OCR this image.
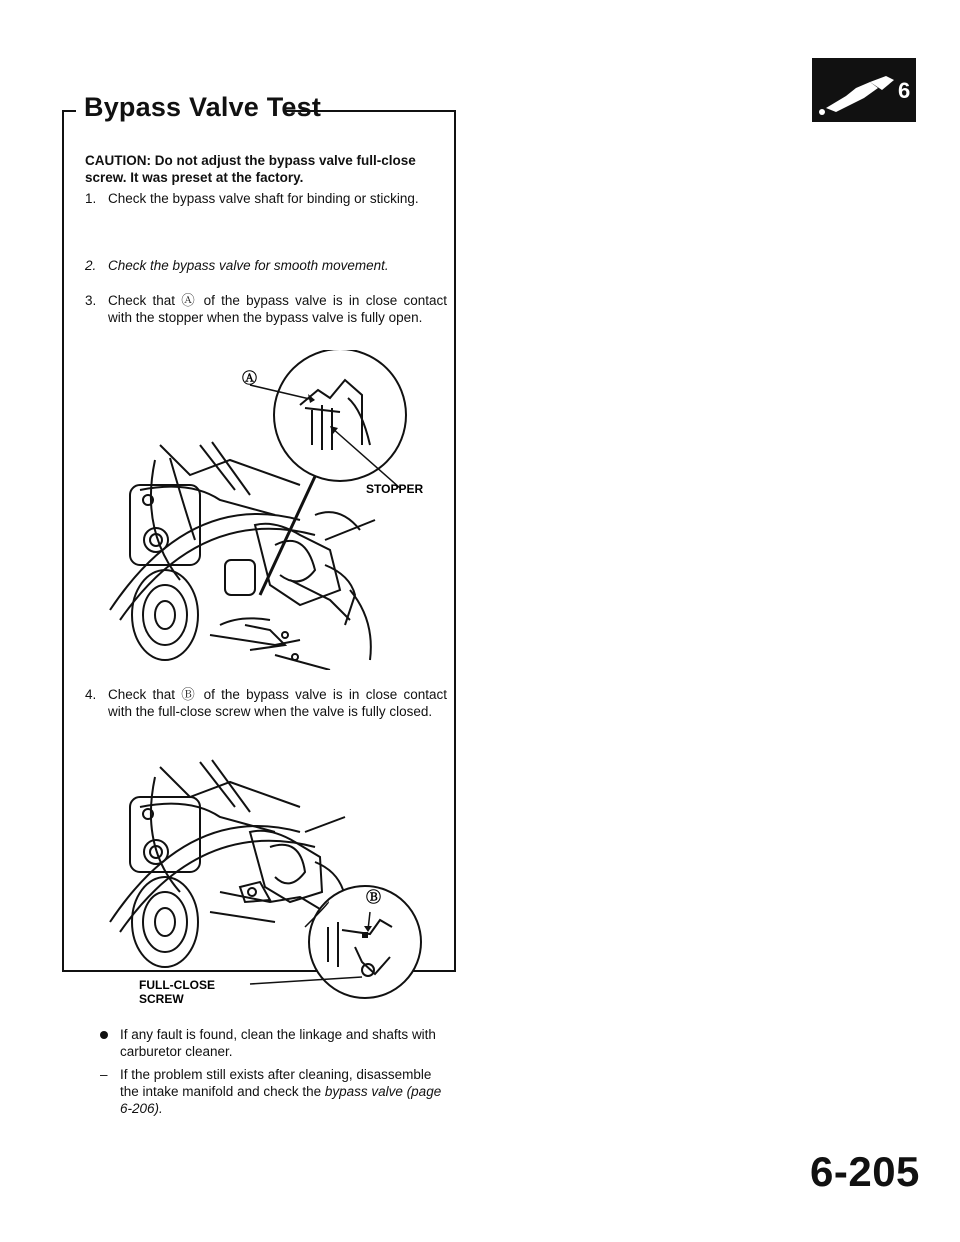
6
Bypass Valve Test
CAUTION: Do not adjust the bypass valve full-close screw. It was preset at the factory.
1. Check the bypass valve shaft for binding or sticking.
2. Check the bypass valve for smooth movement.
3. Check that Ⓐ of the bypass valve is in close contact with the stopper when the bypass valve is fully open.
Ⓐ
STOPPER
4. Check that Ⓑ of the bypass valve is in close contact with the full-close screw when the valve is fully closed.
Ⓑ
FULL-CLOSE
SCREW
If any fault is found, clean the linkage and shafts with carburetor cleaner.
– If the problem still exists after cleaning, disassemble the intake manifold and check the bypass valve (page 6-206).
6-205
